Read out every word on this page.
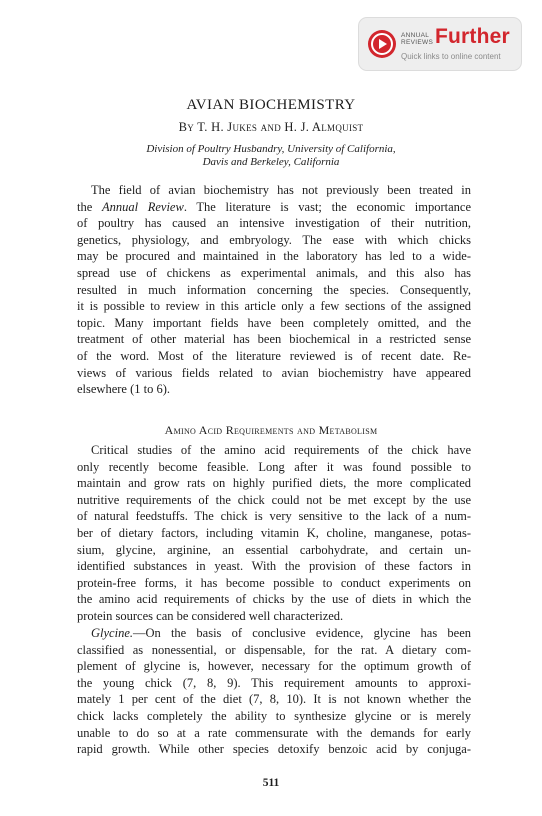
ANNUAL
REVIEWS Further
Quick links to online content
AVIAN BIOCHEMISTRY
By T. H. Jukes and H. J. Almquist
Division of Poultry Husbandry, University of California,
Davis and Berkeley, California
The field of avian biochemistry has not previously been treated in
the Annual Review. The literature is vast; the economic importance
of poultry has caused an intensive investigation of their nutrition,
genetics, physiology, and embryology. The ease with which chicks
may be procured and maintained in the laboratory has led to a wide-
spread use of chickens as experimental animals, and this also has
resulted in much information concerning the species. Consequently,
it is possible to review in this article only a few sections of the assigned
topic. Many important fields have been completely omitted, and the
treatment of other material has been biochemical in a restricted sense
of the word. Most of the literature reviewed is of recent date. Re-
views of various fields related to avian biochemistry have appeared
elsewhere (1 to 6).
Amino Acid Requirements and Metabolism
Critical studies of the amino acid requirements of the chick have
only recently become feasible. Long after it was found possible to
maintain and grow rats on highly purified diets, the more complicated
nutritive requirements of the chick could not be met except by the use
of natural feedstuffs. The chick is very sensitive to the lack of a num-
ber of dietary factors, including vitamin K, choline, manganese, potas-
sium, glycine, arginine, an essential carbohydrate, and certain un-
identified substances in yeast. With the provision of these factors in
protein-free forms, it has become possible to conduct experiments on
the amino acid requirements of chicks by the use of diets in which the
protein sources can be considered well characterized.
Glycine.—On the basis of conclusive evidence, glycine has been
classified as nonessential, or dispensable, for the rat. A dietary com-
plement of glycine is, however, necessary for the optimum growth of
the young chick (7, 8, 9). This requirement amounts to approxi-
mately 1 per cent of the diet (7, 8, 10). It is not known whether the
chick lacks completely the ability to synthesize glycine or is merely
unable to do so at a rate commensurate with the demands for early
rapid growth. While other species detoxify benzoic acid by conjuga-
511
